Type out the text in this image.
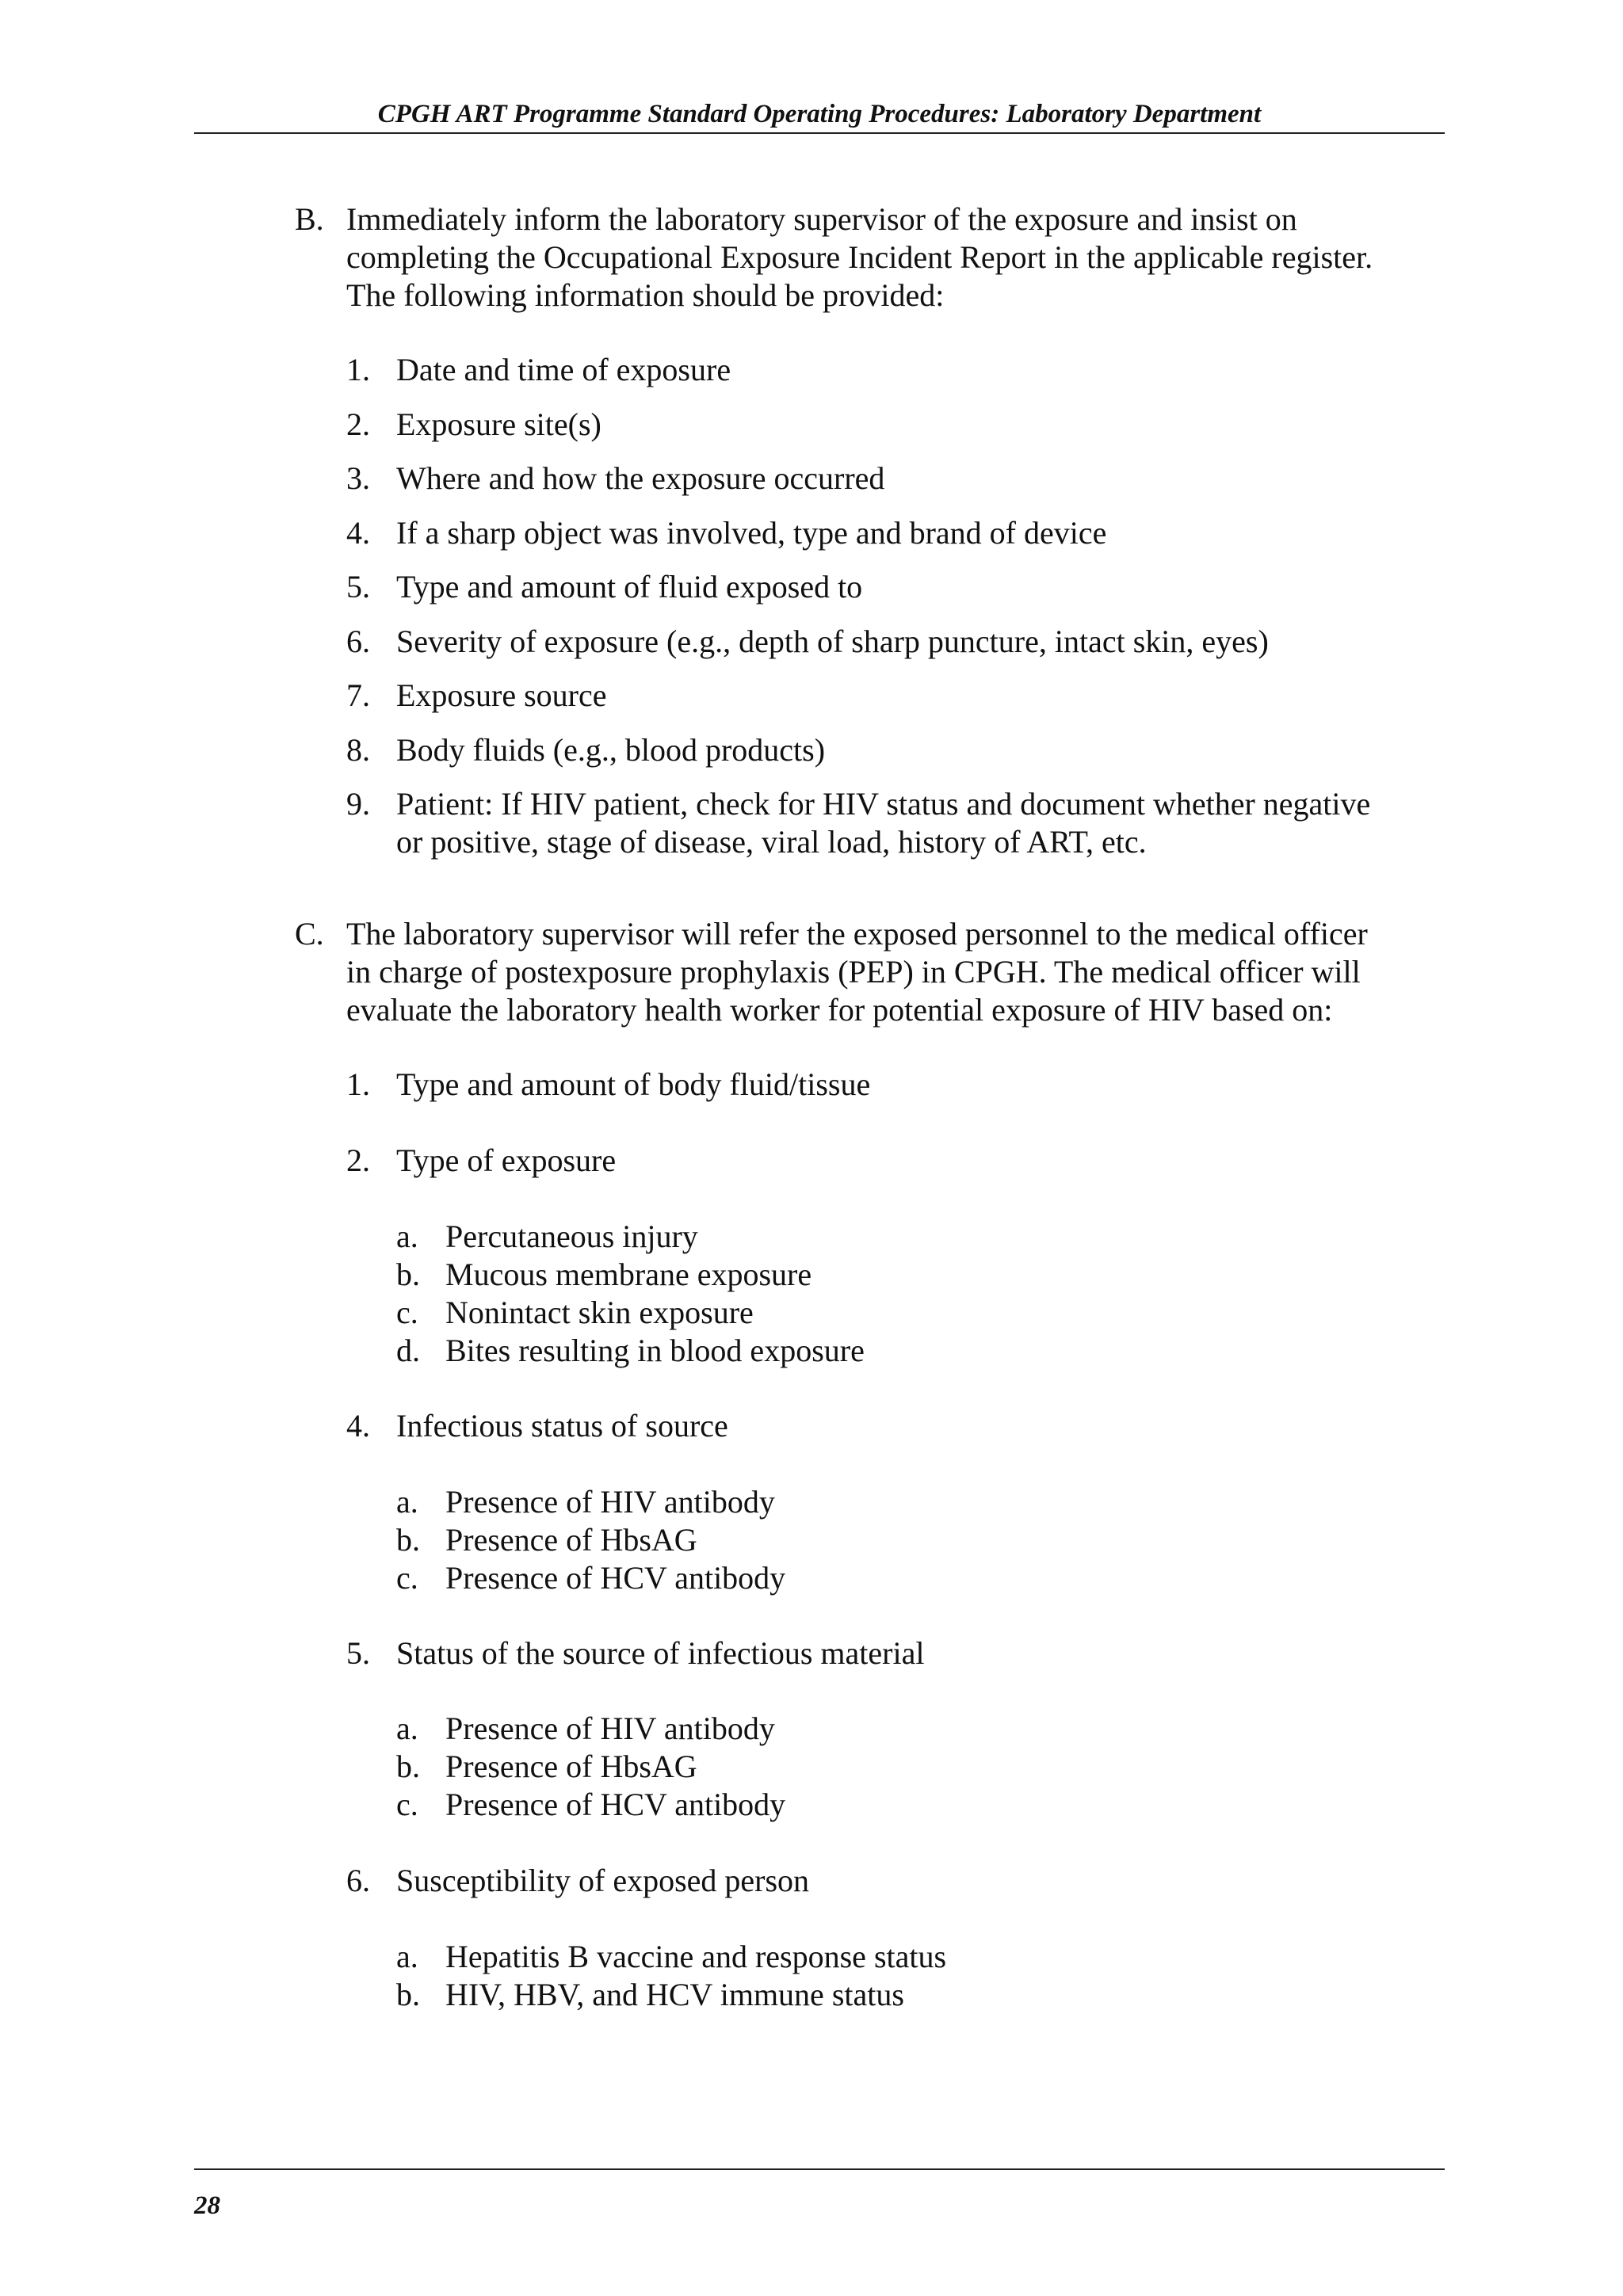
CPGH ART Programme Standard Operating Procedures: Laboratory Department
B. Immediately inform the laboratory supervisor of the exposure and insist on
completing the Occupational Exposure Incident Report in the applicable register.
The following information should be provided:
1. Date and time of exposure
2. Exposure site(s)
3. Where and how the exposure occurred
4. If a sharp object was involved, type and brand of device
5. Type and amount of fluid exposed to
6. Severity of exposure (e.g., depth of sharp puncture, intact skin, eyes)
7. Exposure source
8. Body fluids (e.g., blood products)
9. Patient: If HIV patient, check for HIV status and document whether negative
or positive, stage of disease, viral load, history of ART, etc.
C. The laboratory supervisor will refer the exposed personnel to the medical officer
in charge of postexposure prophylaxis (PEP) in CPGH. The medical officer will
evaluate the laboratory health worker for potential exposure of HIV based on:
1. Type and amount of body fluid/tissue
2. Type of exposure
a. Percutaneous injury
b. Mucous membrane exposure
c. Nonintact skin exposure
d. Bites resulting in blood exposure
4. Infectious status of source
a. Presence of HIV antibody
b. Presence of HbsAG
c. Presence of HCV antibody
5. Status of the source of infectious material
a. Presence of HIV antibody
b. Presence of HbsAG
c. Presence of HCV antibody
6. Susceptibility of exposed person
a. Hepatitis B vaccine and response status
b. HIV, HBV, and HCV immune status
28
